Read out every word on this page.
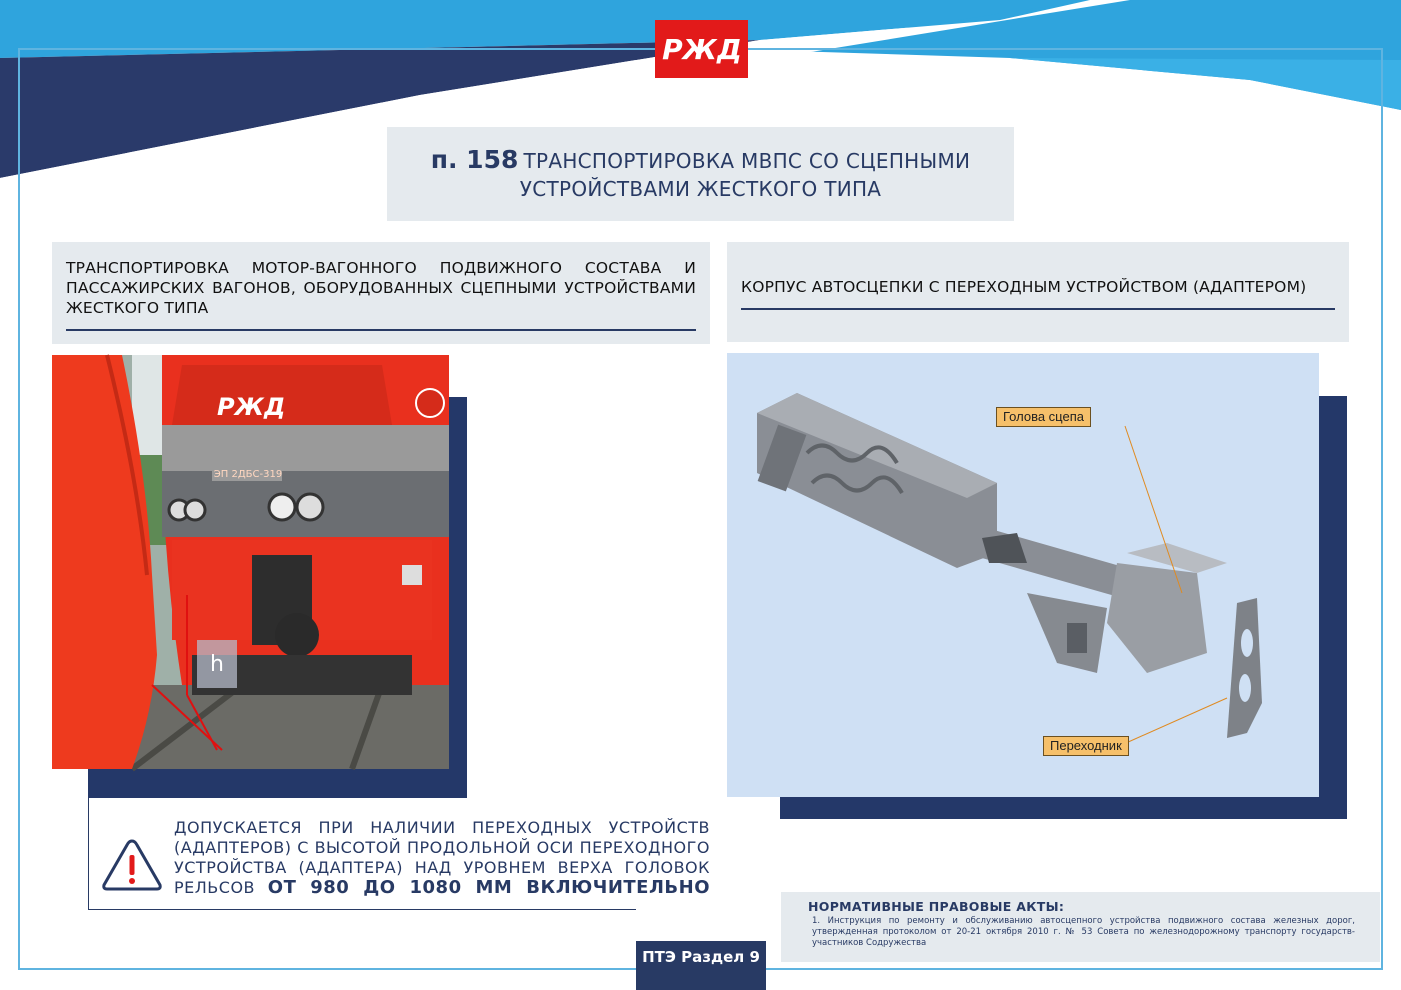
РЖД
п. 158 ТРАНСПОРТИРОВКА МВПС СО СЦЕПНЫМИ
УСТРОЙСТВАМИ ЖЕСТКОГО ТИПА
ТРАНСПОРТИРОВКА МОТОР-ВАГОННОГО ПОДВИЖНОГО СОСТАВА И ПАССАЖИРСКИХ ВАГОНОВ, ОБОРУДОВАННЫХ СЦЕПНЫМИ УСТРОЙСТВАМИ ЖЕСТКОГО ТИПА
КОРПУС АВТОСЦЕПКИ С ПЕРЕХОДНЫМ УСТРОЙСТВОМ (АДАПТЕРОМ)
ЭП 2ДБС-319
РЖД
h
Голова сцепа
Переходник
ДОПУСКАЕТСЯ ПРИ НАЛИЧИИ ПЕРЕХОДНЫХ УСТРОЙСТВ (АДАПТЕРОВ) С ВЫСОТОЙ ПРОДОЛЬНОЙ ОСИ ПЕРЕХОДНОГО УСТРОЙСТВА (АДАПТЕРА) НАД УРОВНЕМ ВЕРХА ГОЛОВОК РЕЛЬСОВ ОТ 980 ДО 1080 ММ ВКЛЮЧИТЕЛЬНО
НОРМАТИВНЫЕ ПРАВОВЫЕ АКТЫ:
1. Инструкция по ремонту и обслуживанию автосцепного устройства подвижного состава железных дорог, утвержденная протоколом от 20-21 октября 2010 г. № 53 Совета по железнодорожному транспорту государств-участников Содружества
ПТЭ Раздел 9
